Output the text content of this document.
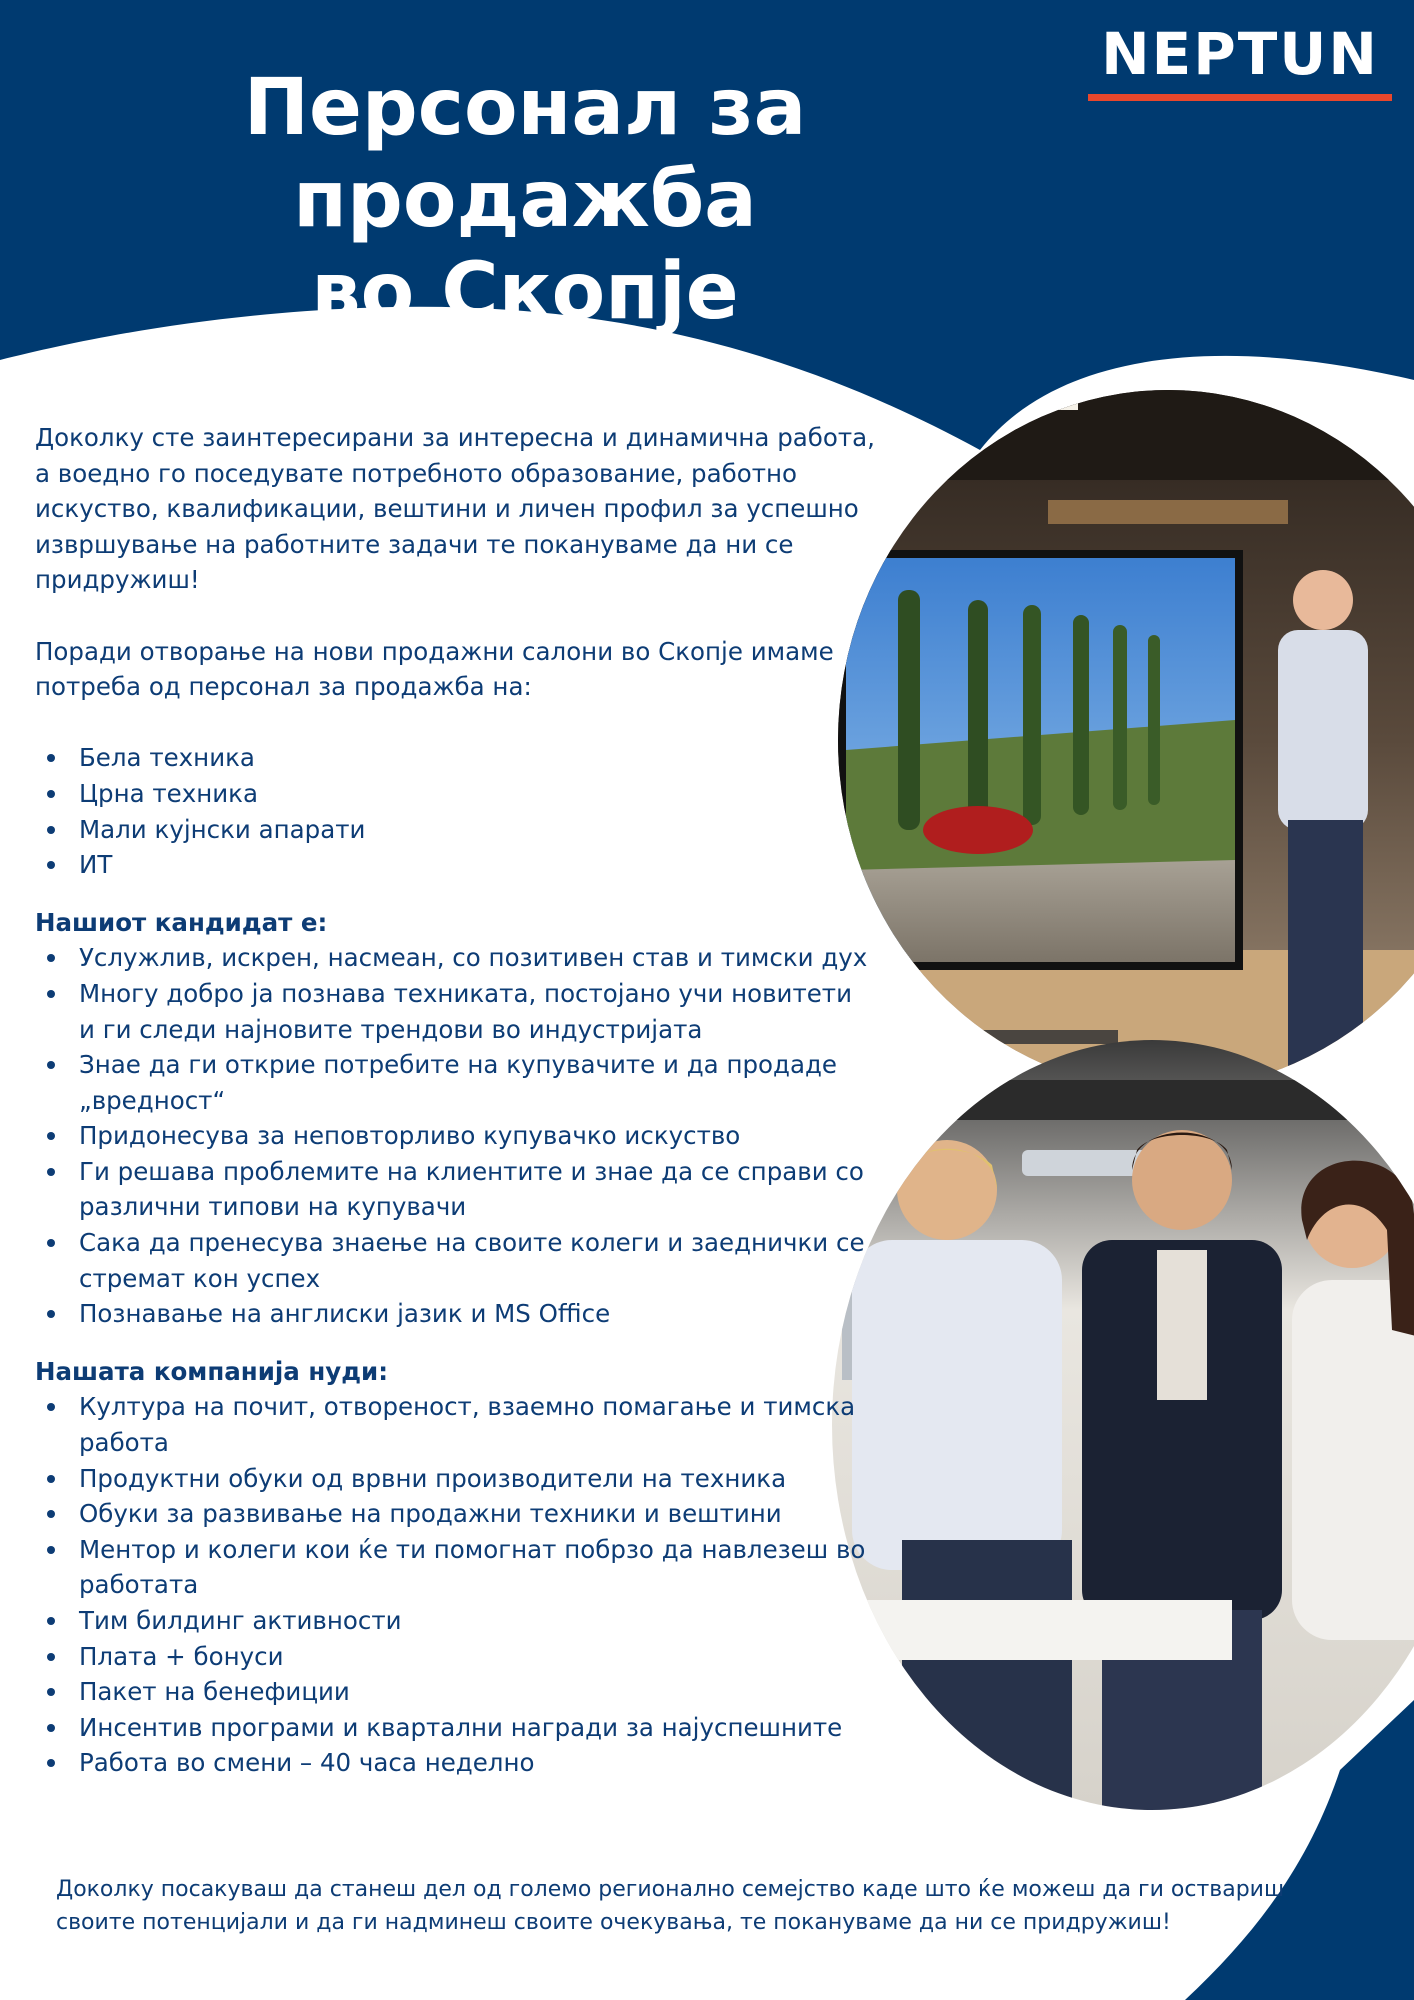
NEPTUN
Персонал за продажба
во Скопје

Доколку сте заинтересирани за интересна и динамична работа, а воедно го поседувате потребното образование, работно искуство, квалификации, вештини и личен профил за успешно извршување на работните задачи те покануваме да ни се придружиш!

Поради отворање на нови продажни салони во Скопје имаме потреба од персонал за продажба на:

Бела техника
Црна техника
Мали кујнски апарати
ИТ

Нашиот кандидат е:

Услужлив, искрен, насмеан, со позитивен став и тимски дух
Многу добро ја познава техниката, постојано учи новитети и ги следи најновите трендови во индустријата
Знае да ги открие потребите на купувачите и да продаде „вредност“
Придонесува за неповторливо купувачко искуство
Ги решава проблемите на клиентите и знае да се справи со различни типови на купувачи
Сака да пренесува знаење на своите колеги и заеднички се стремат кон успех
Познавање на англиски јазик и MS Office

Нашата компанија нуди:

Култура на почит, отвореност, взаемно помагање и тимска работа
Продуктни обуки од врвни производители на техника
Обуки за развивање на продажни техники и вештини
Ментор и колеги кои ќе ти помогнат побрзо да навлезеш во работата
Тим билдинг активности
Плата + бонуси
Пакет на бенефиции
Инсентив програми и квартални награди за најуспешните
Работа во смени – 40 часа неделно

Доколку посакуваш да станеш дел од големо регионално семејство каде што ќе можеш да ги оствариш своите потенцијали и да ги надминеш своите очекувања, те покануваме да ни се придружиш!
